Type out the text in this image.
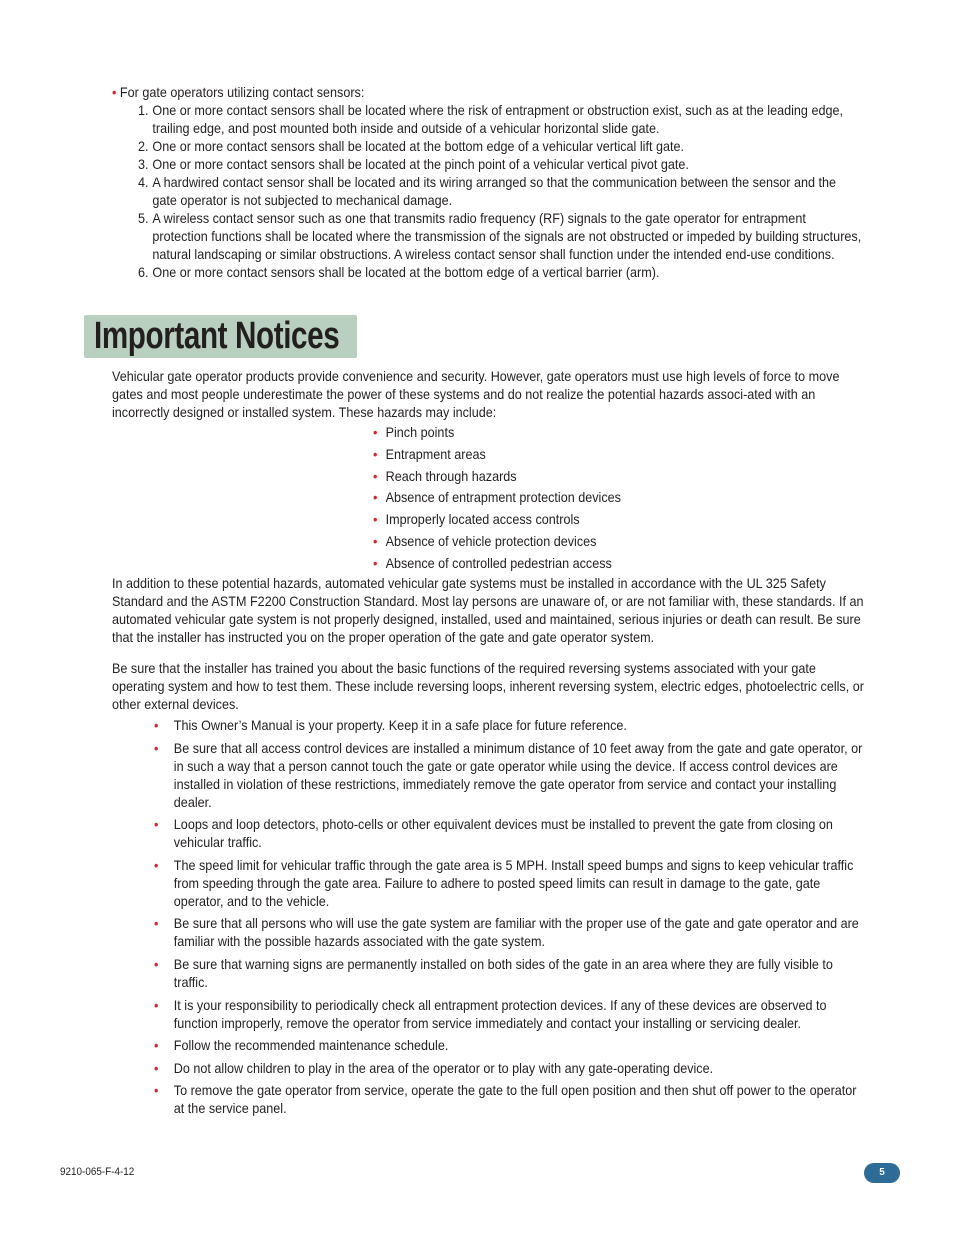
• For gate operators utilizing contact sensors:
1. One or more contact sensors shall be located where the risk of entrapment or obstruction exist, such as at the leading edge, trailing edge, and post mounted both inside and outside of a vehicular horizontal slide gate.
2. One or more contact sensors shall be located at the bottom edge of a vehicular vertical lift gate.
3. One or more contact sensors shall be located at the pinch point of a vehicular vertical pivot gate.
4. A hardwired contact sensor shall be located and its wiring arranged so that the communication between the sensor and the gate operator is not subjected to mechanical damage.
5. A wireless contact sensor such as one that transmits radio frequency (RF) signals to the gate operator for entrapment protection functions shall be located where the transmission of the signals are not obstructed or impeded by building structures, natural landscaping or similar obstructions. A wireless contact sensor shall function under the intended end-use conditions.
6. One or more contact sensors shall be located at the bottom edge of a vertical barrier (arm).
Important Notices
Vehicular gate operator products provide convenience and security. However, gate operators must use high levels of force to move gates and most people underestimate the power of these systems and do not realize the potential hazards associ-ated with an incorrectly designed or installed system. These hazards may include:
• Pinch points
• Entrapment areas
• Reach through hazards
• Absence of entrapment protection devices
• Improperly located access controls
• Absence of vehicle protection devices
• Absence of controlled pedestrian access
In addition to these potential hazards, automated vehicular gate systems must be installed in accordance with the UL 325 Safety Standard and the ASTM F2200 Construction Standard. Most lay persons are unaware of, or are not familiar with, these standards. If an automated vehicular gate system is not properly designed, installed, used and maintained, serious injuries or death can result. Be sure that the installer has instructed you on the proper operation of the gate and gate operator system.
Be sure that the installer has trained you about the basic functions of the required reversing systems associated with your gate operating system and how to test them. These include reversing loops, inherent reversing system, electric edges, photoelectric cells, or other external devices.
•	This Owner’s Manual is your property. Keep it in a safe place for future reference.
•	Be sure that all access control devices are installed a minimum distance of 10 feet away from the gate and gate operator, or in such a way that a person cannot touch the gate or gate operator while using the device. If access control devices are installed in violation of these restrictions, immediately remove the gate operator from service and contact your installing dealer.
•	Loops and loop detectors, photo-cells or other equivalent devices must be installed to prevent the gate from closing on vehicular traffic.
•	The speed limit for vehicular traffic through the gate area is 5 MPH. Install speed bumps and signs to keep vehicular traffic from speeding through the gate area. Failure to adhere to posted speed limits can result in damage to the gate, gate operator, and to the vehicle.
•	Be sure that all persons who will use the gate system are familiar with the proper use of the gate and gate operator and are familiar with the possible hazards associated with the gate system.
•	Be sure that warning signs are permanently installed on both sides of the gate in an area where they are fully visible to traffic.
•	It is your responsibility to periodically check all entrapment protection devices. If any of these devices are observed to function improperly, remove the operator from service immediately and contact your installing or servicing dealer.
•	Follow the recommended maintenance schedule.
•	Do not allow children to play in the area of the operator or to play with any gate-operating device.
•	To remove the gate operator from service, operate the gate to the full open position and then shut off power to the operator at the service panel.
9210-065-F-4-12	5
